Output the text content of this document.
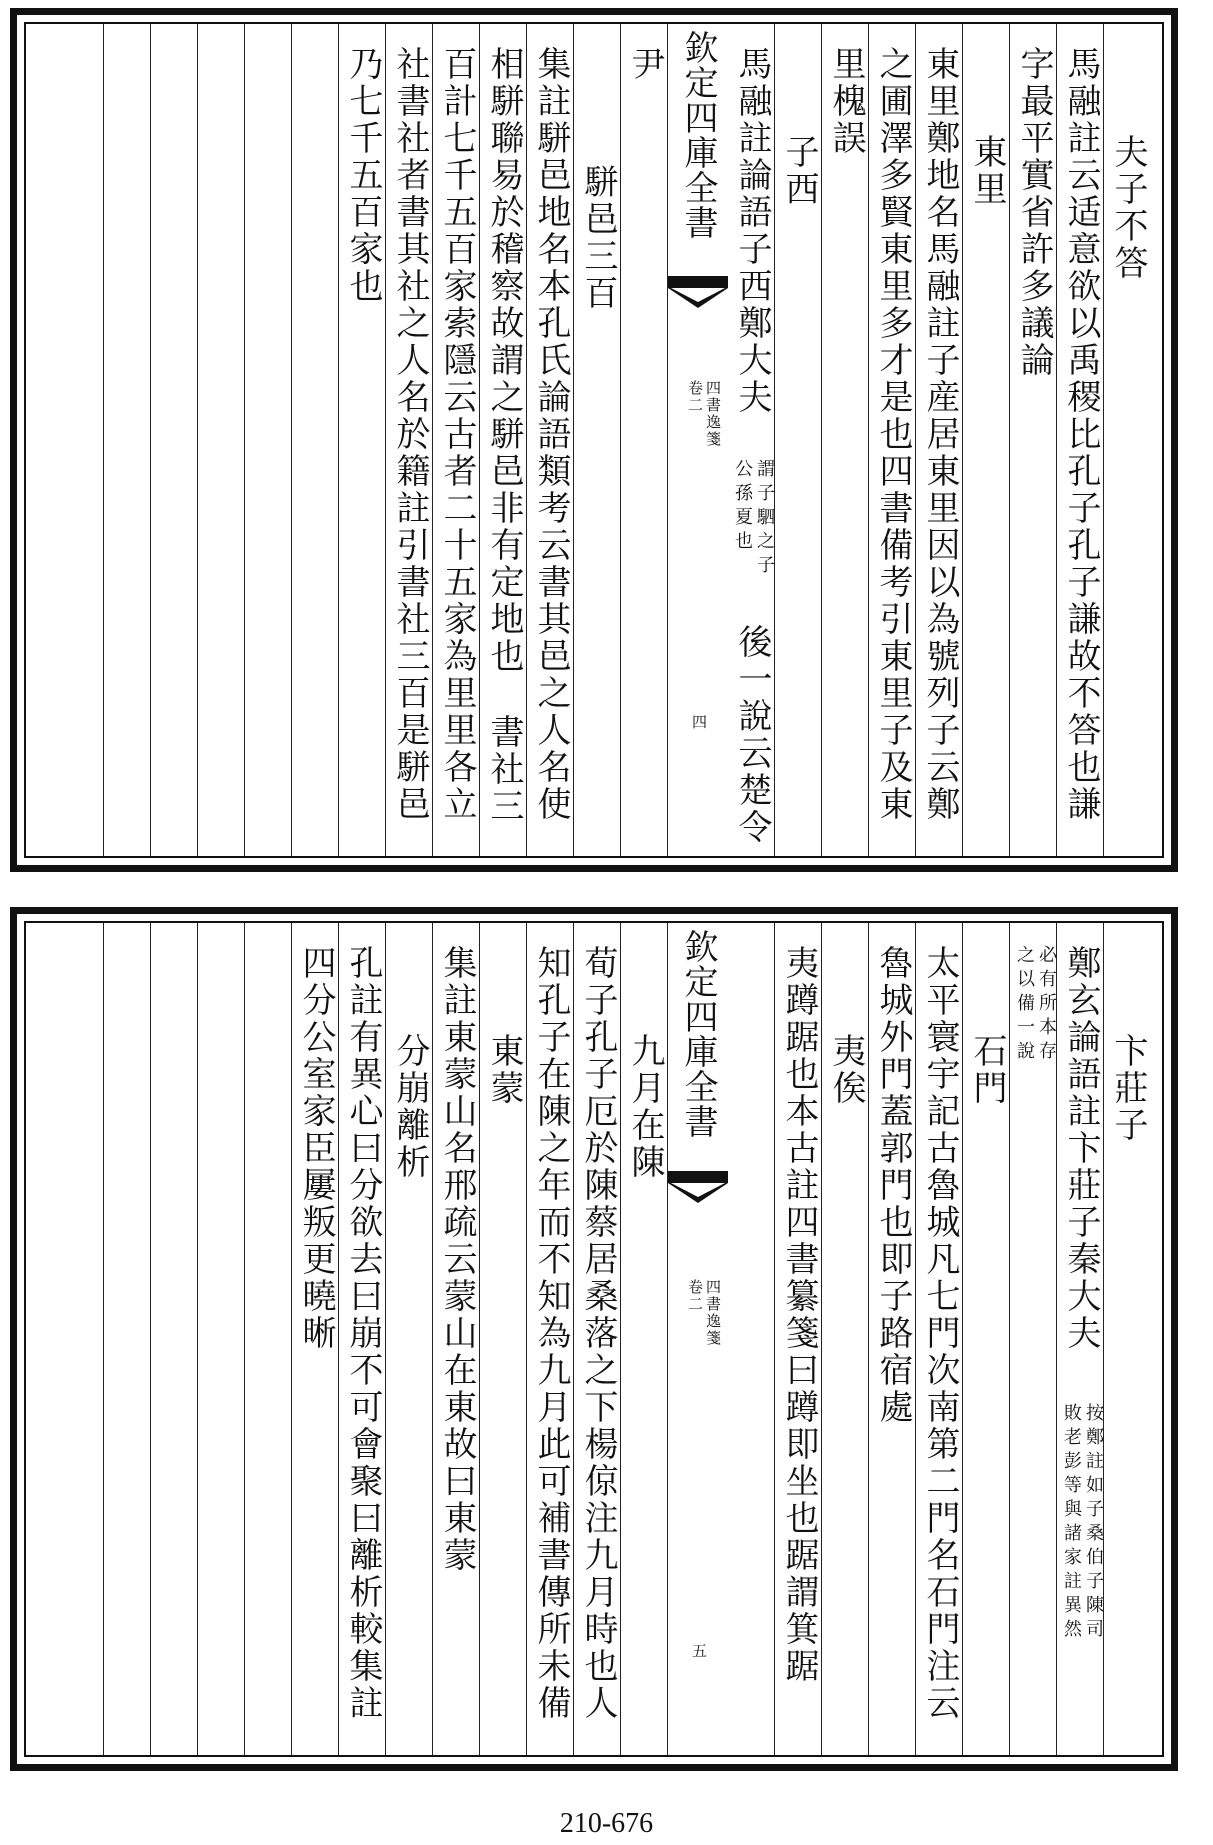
夫子不答
馬融註云适意欲以禹稷比孔子孔子謙故不答也謙
字最平實省許多議論
東里
東里鄭地名馬融註子産居東里因以為號列子云鄭
之圃澤多賢東里多才是也四書備考引東里子及東
里槐誤
子西
馬融註論語子西鄭大夫
謂子駟之子
公孫夏也
後一說云楚令
欽定四庫全書
四書逸箋
卷二
四
尹
駢邑三百
集註駢邑地名本孔氏論語類考云書其邑之人名使
相駢聯易於稽察故謂之駢邑非有定地也
書社三
百計七千五百家索隱云古者二十五家為里里各立
社書社者書其社之人名於籍註引書社三百是駢邑
乃七千五百家也
卞莊子
鄭玄論語註卞莊子秦大夫
按鄭註如子桑伯子陳司
敗老彭等與諸家註異然
必有所本存
之以備一說
石門
太平寰宇記古魯城凡七門次南第二門名石門注云
魯城外門蓋郭門也即子路宿處
夷俟
夷蹲踞也本古註四書纂箋曰蹲即坐也踞謂箕踞
欽定四庫全書
四書逸箋
卷二
五
九月在陳
荀子孔子厄於陳蔡居桑落之下楊倞注九月時也人
知孔子在陳之年而不知為九月此可補書傳所未備
東蒙
集註東蒙山名邢疏云蒙山在東故曰東蒙
分崩離析
孔註有異心曰分欲去曰崩不可會聚曰離析較集註
四分公室家臣屢叛更曉晰
210-676
